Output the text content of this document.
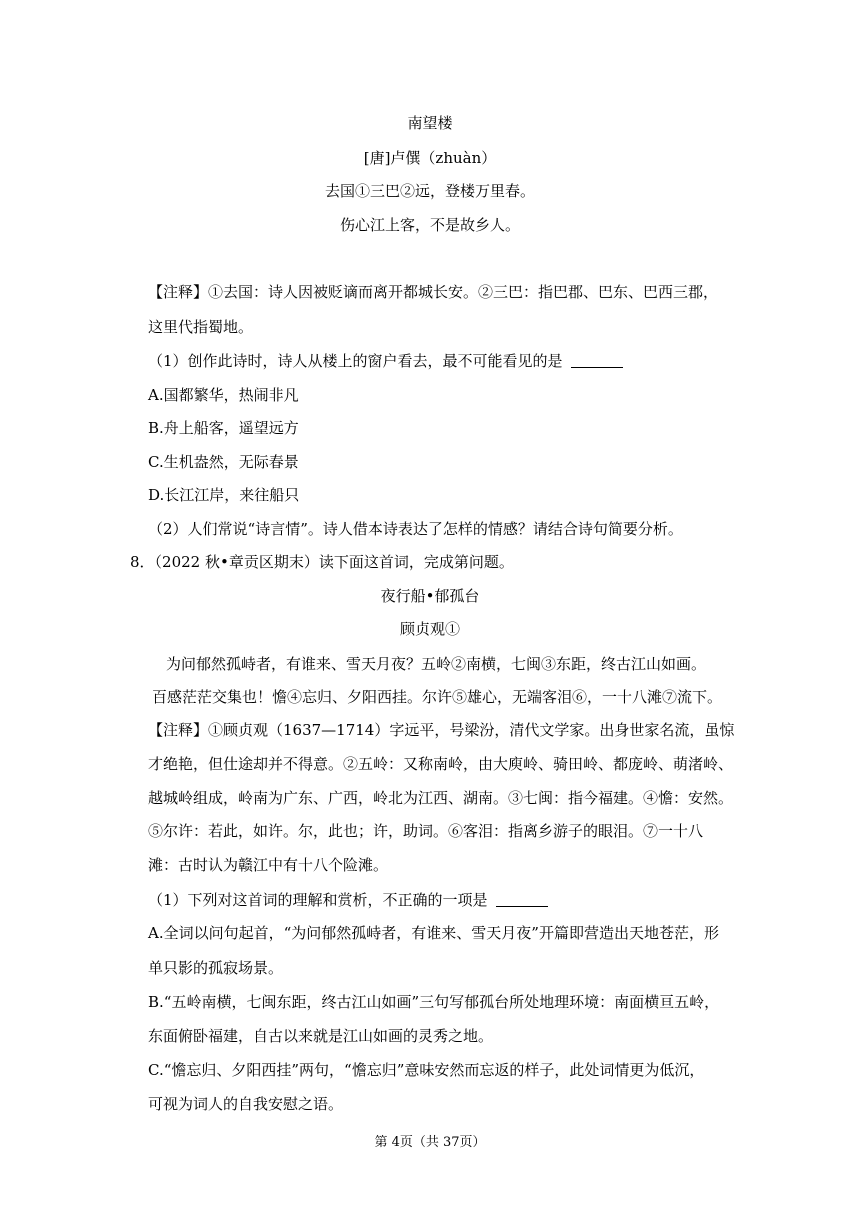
南望楼
[唐]卢僎（zhuàn）
去国①三巴②远，登楼万里春。
伤心江上客，不是故乡人。
【注释】①去国：诗人因被贬谪而离开都城长安。②三巴：指巴郡、巴东、巴西三郡，
这里代指蜀地。
（1）创作此诗时，诗人从楼上的窗户看去，最不可能看见的是
A.国都繁华，热闹非凡
B.舟上船客，遥望远方
C.生机盎然，无际春景
D.长江江岸，来往船只
（2）人们常说“诗言情”。诗人借本诗表达了怎样的情感？请结合诗句简要分析。
8．（2022 秋•章贡区期末）读下面这首词，完成第问题。
夜行船•郁孤台
顾贞观①
为问郁然孤峙者，有谁来、雪天月夜？五岭②南横，七闽③东距，终古江山如画。
百感茫茫交集也！憺④忘归、夕阳西挂。尔许⑤雄心，无端客泪⑥，一十八滩⑦流下。
【注释】①顾贞观（1637—1714）字远平，号梁汾，清代文学家。出身世家名流，虽惊
才绝艳，但仕途却并不得意。②五岭：又称南岭，由大庾岭、骑田岭、都庞岭、萌渚岭、
越城岭组成，岭南为广东、广西，岭北为江西、湖南。③七闽：指今福建。④憺：安然。
⑤尔许：若此，如许。尔，此也；许，助词。⑥客泪：指离乡游子的眼泪。⑦一十八
滩：古时认为赣江中有十八个险滩。
（1）下列对这首词的理解和赏析，不正确的一项是
A.全词以问句起首，“为问郁然孤峙者，有谁来、雪天月夜”开篇即营造出天地苍茫，形
单只影的孤寂场景。
B.“五岭南横，七闽东距，终古江山如画”三句写郁孤台所处地理环境：南面横亘五岭，
东面俯卧福建，自古以来就是江山如画的灵秀之地。
C.“憺忘归、夕阳西挂”两句，“憺忘归”意味安然而忘返的样子，此处词情更为低沉，
可视为词人的自我安慰之语。
第 4页（共 37页）
